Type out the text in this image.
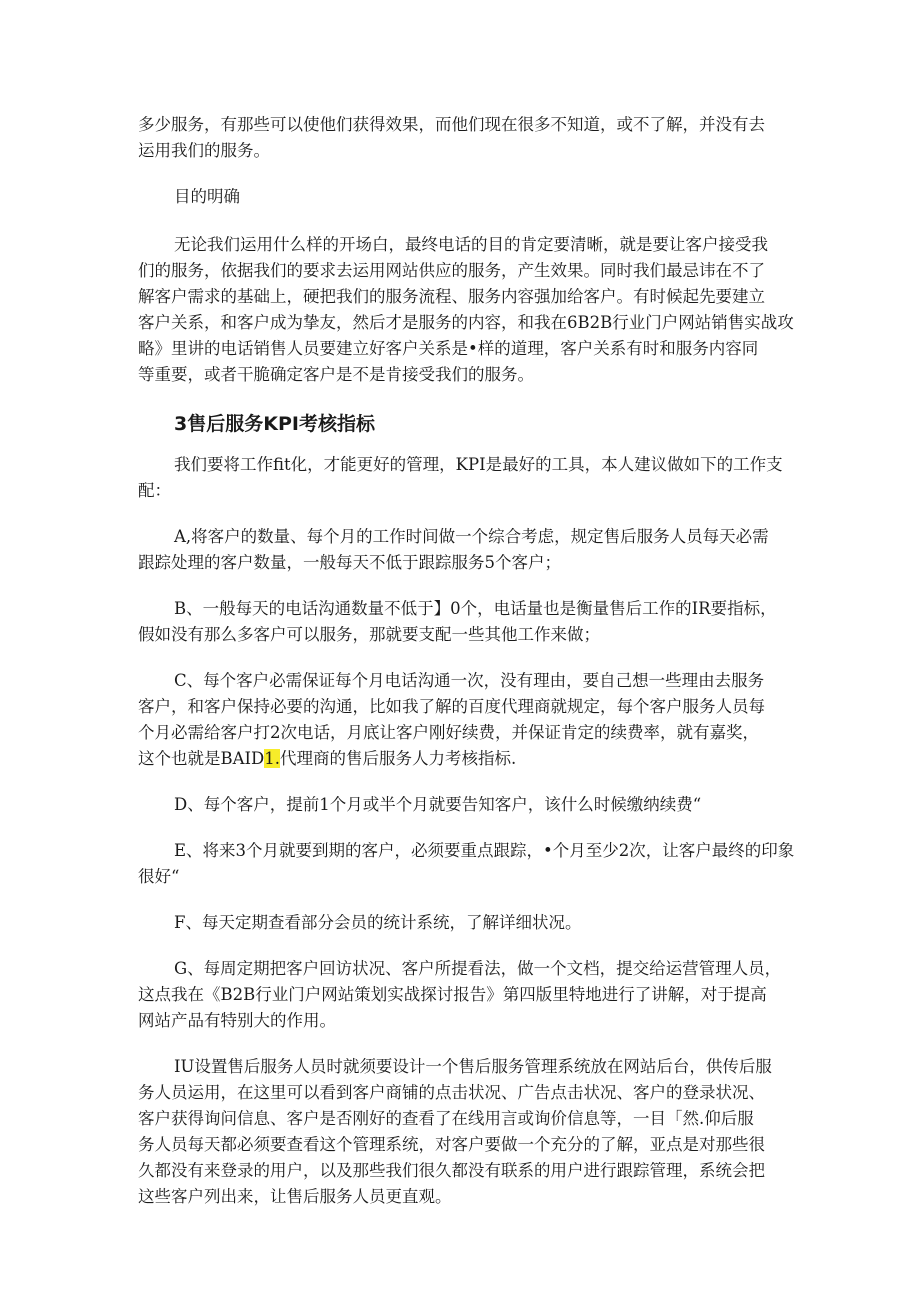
多少服务，有那些可以使他们获得效果，而他们现在很多不知道，或不了解，并没有去
运用我们的服务。
目的明确
无论我们运用什么样的开场白，最终电话的目的肯定要清晰，就是要让客户接受我
们的服务，依据我们的要求去运用网站供应的服务，产生效果。同时我们最忌讳在不了
解客户需求的基础上，硬把我们的服务流程、服务内容强加给客户。有时候起先要建立
客户关系，和客户成为挚友，然后才是服务的内容，和我在6B2B行业门户网站销售实战攻
略》里讲的电话销售人员要建立好客户关系是•样的道理，客户关系有时和服务内容同
等重要，或者干脆确定客户是不是肯接受我们的服务。
3售后服务KPI考核指标
我们要将工作fit化，才能更好的管理，KPI是最好的工具，本人建议做如下的工作支
配：
A,将客户的数量、每个月的工作时间做一个综合考虑，规定售后服务人员每天必需
跟踪处理的客户数量，一般每天不低于跟踪服务5个客户；
B、一般每天的电话沟通数量不低于】0个，电话量也是衡量售后工作的IR要指标，
假如没有那么多客户可以服务，那就要支配一些其他工作来做；
C、每个客户必需保证每个月电话沟通一次，没有理由，要自己想一些理由去服务
客户，和客户保持必要的沟通，比如我了解的百度代理商就规定，每个客户服务人员每
个月必需给客户打2次电话，月底让客户刚好续费，并保证肯定的续费率，就有嘉奖，
这个也就是BAID1.代理商的售后服务人力考核指标.
D、每个客户，提前1个月或半个月就要告知客户，该什么时候缴纳续费“
E、将来3个月就要到期的客户，必须要重点跟踪，•个月至少2次，让客户最终的印象
很好“
F、每天定期查看部分会员的统计系统，了解详细状况。
G、每周定期把客户回访状况、客户所提看法，做一个文档，提交给运营管理人员，
这点我在《B2B行业门户网站策划实战探讨报告》第四版里特地进行了讲解，对于提高
网站产品有特别大的作用。
IU设置售后服务人员时就须要设计一个售后服务管理系统放在网站后台，供传后服
务人员运用，在这里可以看到客户商铺的点击状况、广告点击状况、客户的登录状况、
客户获得询问信息、客户是否刚好的查看了在线用言或询价信息等，一目「然.仰后服
务人员每天都必须要查看这个管理系统，对客户要做一个充分的了解，亚点是对那些很
久都没有来登录的用户，以及那些我们很久都没有联系的用户进行跟踪管理，系统会把
这些客户列出来，让售后服务人员更直观。
